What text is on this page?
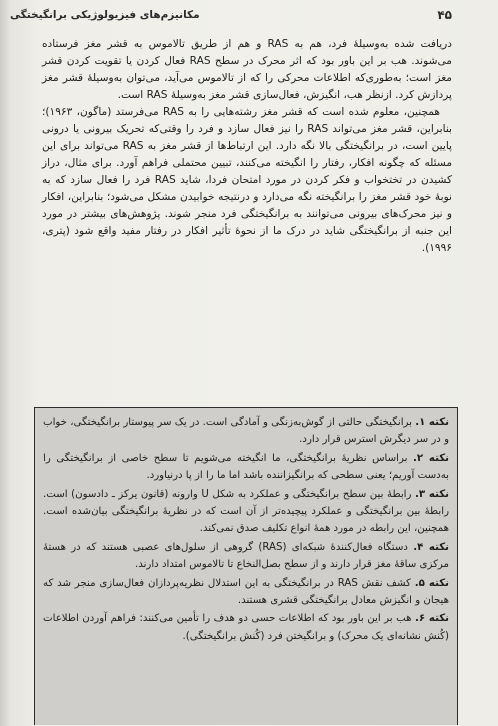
۴۵
مکانیزم‌های فیزیولوژیکی برانگیختگی

دریافت شده به‌وسیلۀ فرد، هم به RAS و هم از طریق تالاموس به قشر مغز فرستاده می‌شوند. هب بر این باور بود که اثر محرک در سطح RAS فعال کردن یا تقویت کردن قشر مغز است؛ به‌طوری‌که اطلاعات محرکی را که از تالاموس می‌آید، می‌توان به‌وسیلۀ قشر مغز پردازش کرد. ازنظر هب، انگیزش، فعال‌سازی قشر مغز به‌وسیلۀ RAS است.

همچنین، معلوم شده است که قشر مغز رشته‌هایی را به RAS می‌فرستد (ماگون، ۱۹۶۳)؛ بنابراین، قشر مغز می‌تواند RAS را نیز فعال سازد و فرد را وقتی‌که تحریک بیرونی یا درونی پایین است، در برانگیختگی بالا نگه دارد. این ارتباط‌ها از قشر مغز به RAS می‌تواند برای این مسئله که چگونه افکار، رفتار را انگیخته می‌کنند، تبیین محتملی فراهم آورد. برای مثال، دراز کشیدن در تختخواب و فکر کردن در مورد امتحان فردا، شاید RAS فرد را فعال سازد که به نوبۀ خود قشر مغز را برانگیخته نگه می‌دارد و درنتیجه خوابیدن مشکل می‌شود؛ بنابراین، افکار و نیز محرک‌های بیرونی می‌توانند به برانگیختگی فرد منجر شوند. پژوهش‌های بیشتر در مورد این جنبه از برانگیختگی شاید در درک ما از نحوۀ تأثیر افکار در رفتار مفید واقع شود (پتری، ۱۹۹۶).

نکته ۱. برانگیختگی حالتی از گوش‌به‌زنگی و آمادگی است. در یک سر پیوستار برانگیختگی، خواب و در سر دیگرش استرس قرار دارد.

نکته ۲. براساس نظریۀ برانگیختگی، ما انگیخته می‌شویم تا سطح خاصی از برانگیختگی را به‌دست آوریم؛ یعنی سطحی که برانگیزاننده باشد اما ما را از پا درنیاورد.

نکته ۳. رابطۀ بین سطح برانگیختگی و عملکرد به شکل U وارونه (قانون یرکز ـ دادسون) است. رابطۀ بین برانگیختگی و عملکرد پیچیده‌تر از آن است که در نظریۀ برانگیختگی بیان‌شده است. همچنین، این رابطه در مورد همۀ انواع تکلیف صدق نمی‌کند.

نکته ۴. دستگاه فعال‌کنندۀ شبکه‌ای (RAS) گروهی از سلول‌های عصبی هستند که در هستۀ مرکزی ساقۀ مغز قرار دارند و از سطح بصل‌النخاع تا تالاموس امتداد دارند.

نکته ۵. کشف نقش RAS در برانگیختگی به این استدلال نظریه‌پردازان فعال‌سازی منجر شد که هیجان و انگیزش معادل برانگیختگی قشری هستند.

نکته ۶. هب بر این باور بود که اطلاعات حسی دو هدف را تأمین می‌کنند: فراهم آوردن اطلاعات (کُنش نشانه‌ای یک محرک) و برانگیختن فرد (کُنش برانگیختگی).
